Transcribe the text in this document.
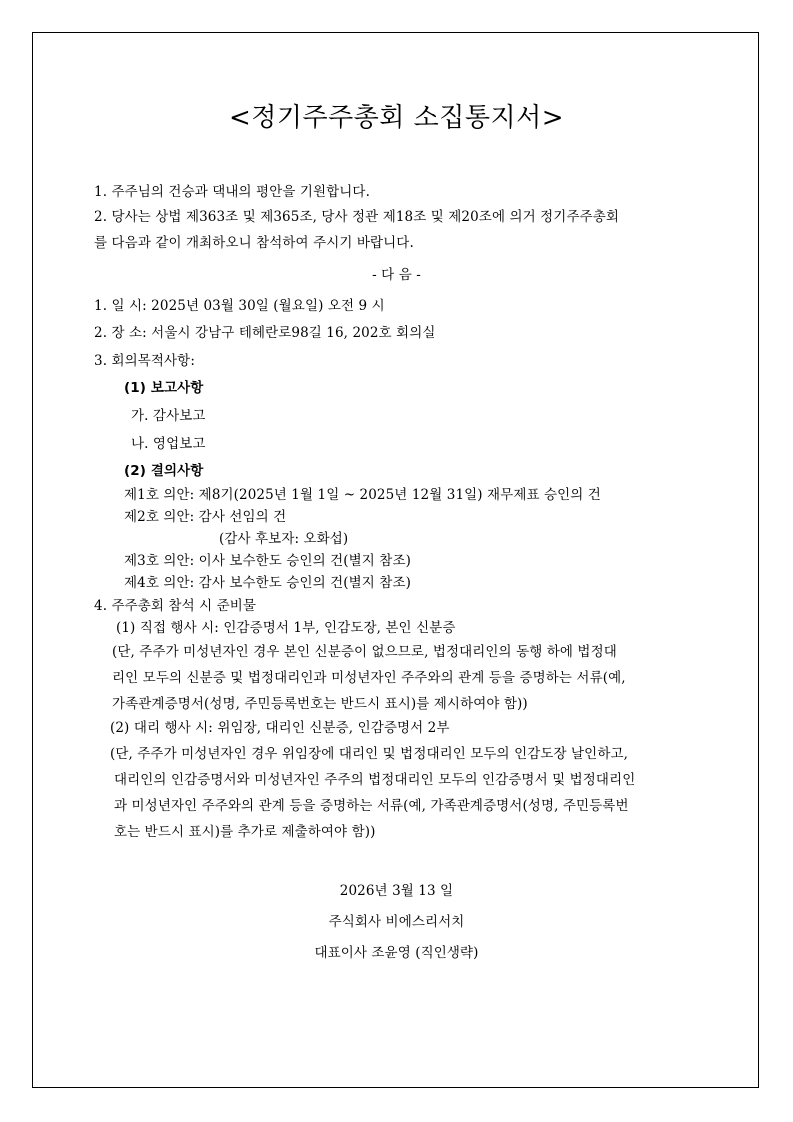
<정기주주총회 소집통지서>
1. 주주님의 건승과 댁내의 평안을 기원합니다.
2. 당사는 상법 제363조 및 제365조, 당사 정관 제18조 및 제20조에 의거 정기주주총회
를 다음과 같이 개최하오니 참석하여 주시기 바랍니다.
- 다 음 -
1. 일 시: 2025년 03월 30일 (월요일) 오전 9 시
2. 장 소: 서울시 강남구 테헤란로98길 16, 202호 회의실
3. 회의목적사항:
(1) 보고사항
가. 감사보고
나. 영업보고
(2) 결의사항
제1호 의안: 제8기(2025년 1월 1일 ~ 2025년 12월 31일) 재무제표 승인의 건
제2호 의안: 감사 선임의 건
(감사 후보자: 오화섭)
제3호 의안: 이사 보수한도 승인의 건(별지 참조)
제4호 의안: 감사 보수한도 승인의 건(별지 참조)
4. 주주총회 참석 시 준비물
(1) 직접 행사 시: 인감증명서 1부, 인감도장, 본인 신분증
(단, 주주가 미성년자인 경우 본인 신분증이 없으므로, 법정대리인의 동행 하에 법정대
리인 모두의 신분증 및 법정대리인과 미성년자인 주주와의 관계 등을 증명하는 서류(예,
가족관계증명서(성명, 주민등록번호는 반드시 표시)를 제시하여야 함))
(2) 대리 행사 시: 위임장, 대리인 신분증, 인감증명서 2부
(단, 주주가 미성년자인 경우 위임장에 대리인 및 법정대리인 모두의 인감도장 날인하고,
대리인의 인감증명서와 미성년자인 주주의 법정대리인 모두의 인감증명서 및 법정대리인
과 미성년자인 주주와의 관계 등을 증명하는 서류(예, 가족관계증명서(성명, 주민등록번
호는 반드시 표시)를 추가로 제출하여야 함))
2026년 3월 13 일
주식회사 비에스리서치
대표이사 조윤영 (직인생략)
